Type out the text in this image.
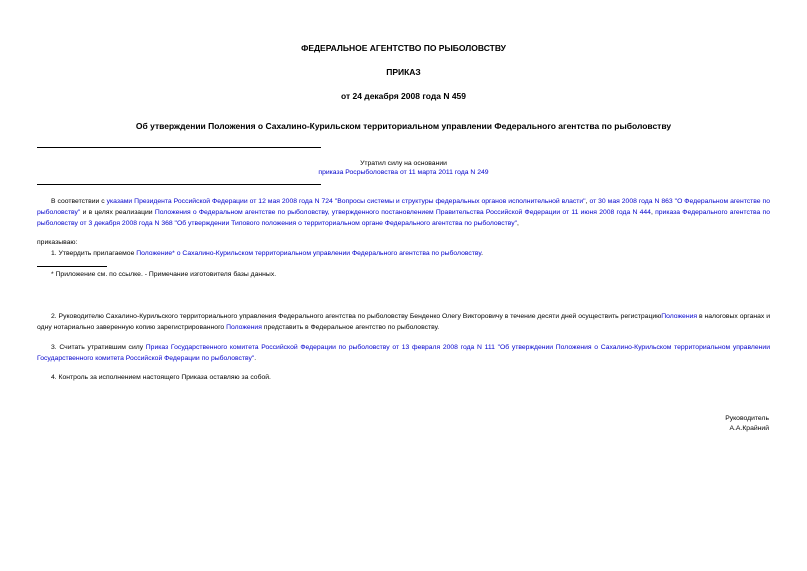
ФЕДЕРАЛЬНОЕ АГЕНТСТВО ПО РЫБОЛОВСТВУ
ПРИКАЗ
от 24 декабря 2008 года N 459
Об утверждении Положения о Сахалино-Курильском территориальном управлении Федерального агентства по рыболовству
Утратил силу на основании
приказа Росрыболовства от 11 марта 2011 года N 249
В соответствии с указами Президента Российской Федерации от 12 мая 2008 года N 724 "Вопросы системы и структуры федеральных органов исполнительной власти", от 30 мая 2008 года N 863 "О Федеральном агентстве по рыболовству" и в целях реализации Положения о Федеральном агентстве по рыболовству, утвержденного постановлением Правительства Российской Федерации от 11 июня 2008 года N 444, приказа Федерального агентства по рыболовству от 3 декабря 2008 года N 368 "Об утверждении Типового положения о территориальном органе Федерального агентства по рыболовству",
приказываю:
1. Утвердить прилагаемое Положение* о Сахалино-Курильском территориальном управлении Федерального агентства по рыболовству.
* Приложение см. по ссылке. - Примечание изготовителя базы данных.
2. Руководителю Сахалино-Курильского территориального управления Федерального агентства по рыболовству Бенденко Олегу Викторовичу в течение десяти дней осуществить регистрациюПоложения в налоговых органах и одну нотариально заверенную копию зарегистрированного Положения представить в Федеральное агентство по рыболовству.
3. Считать утратившим силу Приказ Государственного комитета Российской Федерации по рыболовству от 13 февраля 2008 года N 111 "Об утверждении Положения о Сахалино-Курильском территориальном управлении Государственного комитета Российской Федерации по рыболовству".
4. Контроль за исполнением настоящего Приказа оставляю за собой.
Руководитель
А.А.Крайний
